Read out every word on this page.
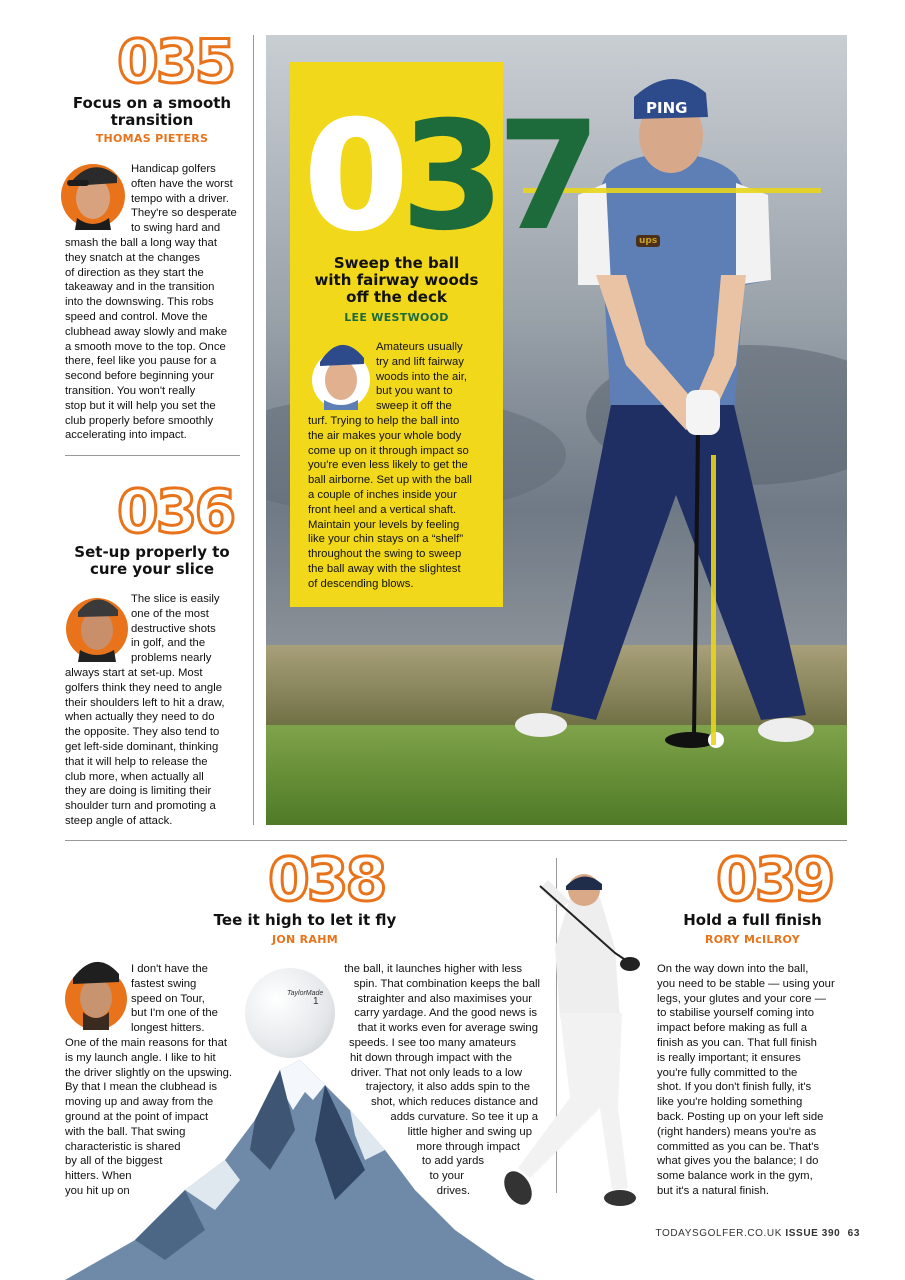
035
Focus on a smooth
transition
THOMAS PIETERS
Handicap golfers
often have the worst
tempo with a driver.
They're so desperate
to swing hard and
smash the ball a long way that
they snatch at the changes
of direction as they start the
takeaway and in the transition
into the downswing. This robs
speed and control. Move the
clubhead away slowly and make
a smooth move to the top. Once
there, feel like you pause for a
second before beginning your
transition. You won't really
stop but it will help you set the
club properly before smoothly
accelerating into impact.
036
Set-up properly to
cure your slice
The slice is easily
one of the most
destructive shots
in golf, and the
problems nearly
always start at set-up. Most
golfers think they need to angle
their shoulders left to hit a draw,
when actually they need to do
the opposite. They also tend to
get left-side dominant, thinking
that it will help to release the
club more, when actually all
they are doing is limiting their
shoulder turn and promoting a
steep angle of attack.
PING
ups
037
Sweep the ball
with fairway woods
off the deck
LEE WESTWOOD
Amateurs usually
try and lift fairway
woods into the air,
but you want to
sweep it off the
turf. Trying to help the ball into
the air makes your whole body
come up on it through impact so
you're even less likely to get the
ball airborne. Set up with the ball
a couple of inches inside your
front heel and a vertical shaft.
Maintain your levels by feeling
like your chin stays on a “shelf”
throughout the swing to sweep
the ball away with the slightest
of descending blows.
038
Tee it high to let it fly
JON RAHM
TaylorMade
1
I don't have the
fastest swing
speed on Tour,
but I'm one of the
longest hitters.
One of the main reasons for that
is my launch angle. I like to hit
the driver slightly on the upswing.
By that I mean the clubhead is
moving up and away from the
ground at the point of impact
with the ball. That swing
characteristic is shared
by all of the biggest
hitters. When
you hit up on
the ball, it launches higher with less
spin. That combination keeps the ball
straighter and also maximises your
carry yardage. And the good news is
that it works even for average swing
speeds. I see too many amateurs
hit down through impact with the
driver. That not only leads to a low
trajectory, it also adds spin to the
shot, which reduces distance and
adds curvature. So tee it up a
little higher and swing up
more through impact
to add yards
to your
drives.
039
Hold a full finish
RORY McILROY
On the way down into the ball,
you need to be stable — using your
legs, your glutes and your core —
to stabilise yourself coming into
impact before making as full a
finish as you can. That full finish
is really important; it ensures
you're fully committed to the
shot. If you don't finish fully, it's
like you're holding something
back. Posting up on your left side
(right handers) means you're as
committed as you can be. That's
what gives you the balance; I do
some balance work in the gym,
but it's a natural finish.
TODAYSGOLFER.CO.UK ISSUE 390 63
